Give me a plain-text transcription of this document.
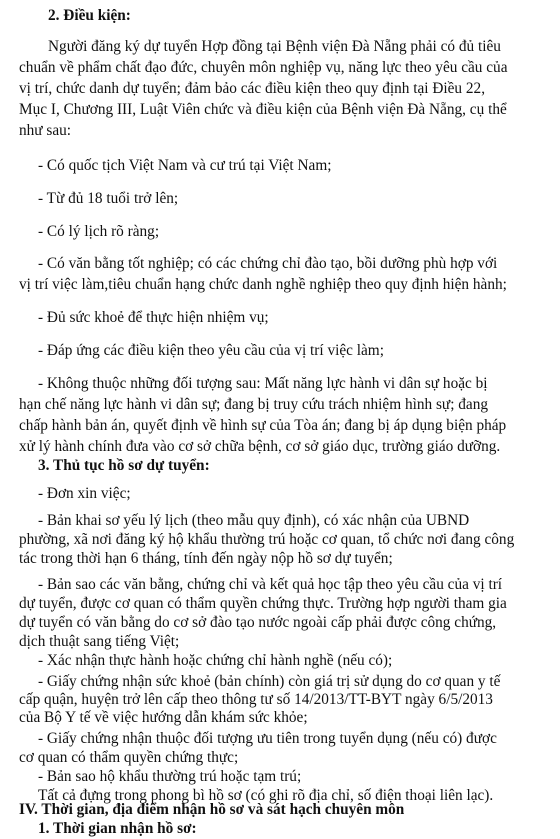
2. Điều kiện:
Người đăng ký dự tuyển Hợp đồng tại Bệnh viện Đà Nẵng phải có đủ tiêu
chuẩn về phẩm chất đạo đức, chuyên môn nghiệp vụ, năng lực theo yêu cầu của
vị trí, chức danh dự tuyển; đảm bảo các điều kiện theo quy định tại Điều 22,
Mục I, Chương III, Luật Viên chức và điều kiện của Bệnh viện Đà Nẵng, cụ thể
như sau:
- Có quốc tịch Việt Nam và cư trú tại Việt Nam;
- Từ đủ 18 tuổi trở lên;
- Có lý lịch rõ ràng;
- Có văn bằng tốt nghiệp; có các chứng chỉ đào tạo, bồi dưỡng phù hợp với
vị trí việc làm,tiêu chuẩn hạng chức danh nghề nghiệp theo quy định hiện hành;
- Đủ sức khoẻ để thực hiện nhiệm vụ;
- Đáp ứng các điều kiện theo yêu cầu của vị trí việc làm;
- Không thuộc những đối tượng sau: Mất năng lực hành vi dân sự hoặc bị
hạn chế năng lực hành vi dân sự; đang bị truy cứu trách nhiệm hình sự; đang
chấp hành bản án, quyết định về hình sự của Tòa án; đang bị áp dụng biện pháp
xử lý hành chính đưa vào cơ sở chữa bệnh, cơ sở giáo dục, trường giáo dưỡng.
3. Thủ tục hồ sơ dự tuyển:
- Đơn xin việc;
- Bản khai sơ yếu lý lịch (theo mẫu quy định), có xác nhận của UBND
phường, xã nơi đăng ký hộ khẩu thường trú hoặc cơ quan, tổ chức nơi đang công
tác trong thời hạn 6 tháng, tính đến ngày nộp hồ sơ dự tuyển;
- Bản sao các văn bằng, chứng chỉ và kết quả học tập theo yêu cầu của vị trí
dự tuyển, được cơ quan có thẩm quyền chứng thực. Trường hợp người tham gia
dự tuyển có văn bằng do cơ sở đào tạo nước ngoài cấp phải được công chứng,
dịch thuật sang tiếng Việt;
- Xác nhận thực hành hoặc chứng chỉ hành nghề (nếu có);
- Giấy chứng nhận sức khoẻ (bản chính) còn giá trị sử dụng do cơ quan y tế
cấp quận, huyện trở lên cấp theo thông tư số 14/2013/TT-BYT ngày 6/5/2013
của Bộ Y tế về việc hướng dẫn khám sức khỏe;
- Giấy chứng nhận thuộc đối tượng ưu tiên trong tuyển dụng (nếu có) được
cơ quan có thẩm quyền chứng thực;
- Bản sao hộ khẩu thường trú hoặc tạm trú;
Tất cả đựng trong phong bì hồ sơ (có ghi rõ địa chỉ, số điện thoại liên lạc).
IV. Thời gian, địa điểm nhận hồ sơ và sát hạch chuyên môn
1. Thời gian nhận hồ sơ:
